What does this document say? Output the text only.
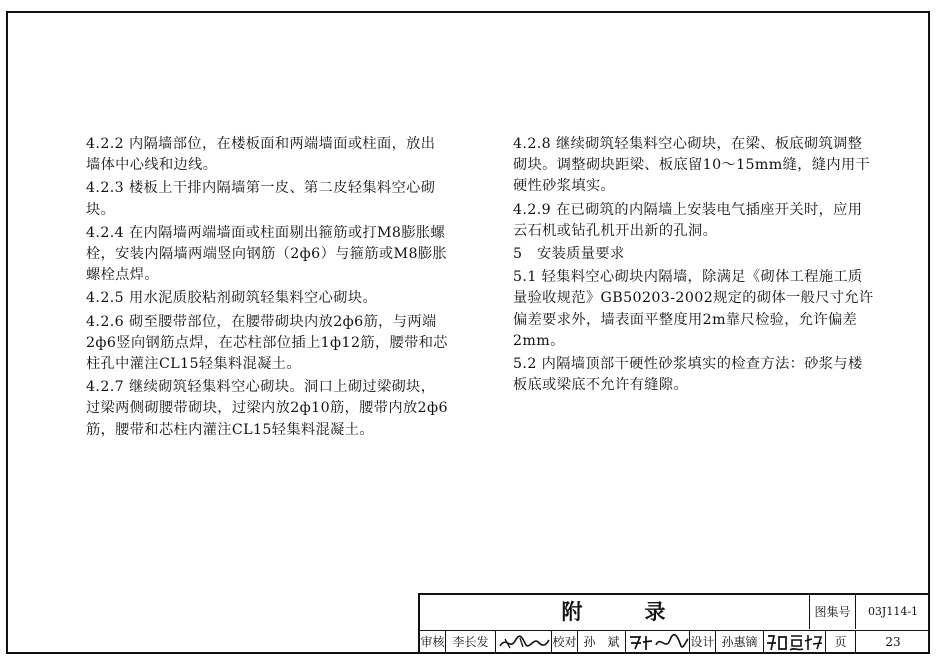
4.2.2 内隔墙部位，在楼板面和两端墙面或柱面，放出墙体中心线和边线。

4.2.3 楼板上干排内隔墙第一皮、第二皮轻集料空心砌块。

4.2.4 在内隔墙两端墙面或柱面剔出箍筋或打M8膨胀螺栓，安装内隔墙两端竖向钢筋（2ф6）与箍筋或M8膨胀螺栓点焊。

4.2.5 用水泥质胶粘剂砌筑轻集料空心砌块。

4.2.6 砌至腰带部位，在腰带砌块内放2ф6筋，与两端2ф6竖向钢筋点焊，在芯柱部位插上1ф12筋，腰带和芯柱孔中灌注CL15轻集料混凝土。

4.2.7 继续砌筑轻集料空心砌块。洞口上砌过梁砌块，过梁两侧砌腰带砌块，过梁内放2ф10筋，腰带内放2ф6筋，腰带和芯柱内灌注CL15轻集料混凝土。

4.2.8 继续砌筑轻集料空心砌块，在梁、板底砌筑调整砌块。调整砌块距梁、板底留10～15mm缝，缝内用干硬性砂浆填实。

4.2.9 在已砌筑的内隔墙上安装电气插座开关时，应用云石机或钻孔机开出新的孔洞。

5　安装质量要求

5.1 轻集料空心砌块内隔墙，除满足《砌体工程施工质量验收规范》GB50203-2002规定的砌体一般尺寸允许偏差要求外，墙表面平整度用2m靠尺检验，允许偏差2mm。

5.2 内隔墙顶部干硬性砂浆填实的检查方法：砂浆与楼板底或梁底不允许有缝隙。

附录	图集号	03J114-1
审核 李长发	校对 孙　斌	设计 孙惠镝	页	23
